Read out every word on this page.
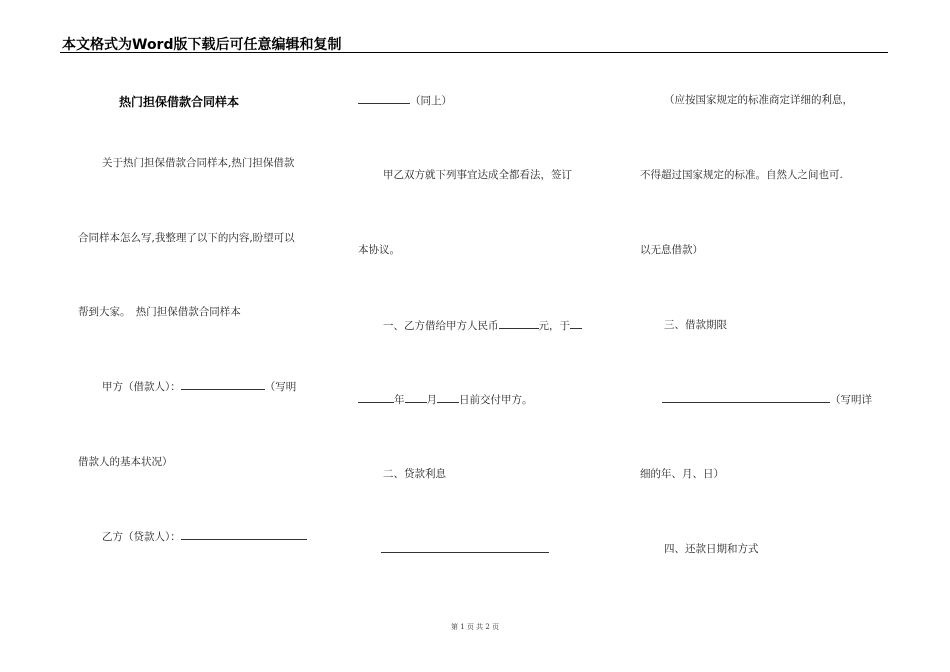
本文格式为Word版下载后可任意编辑和复制
热门担保借款合同样本
关于热门担保借款合同样本,热门担保借款
合同样本怎么写,我整理了以下的内容,盼望可以
帮到大家。　热门担保借款合同样本
甲方（借款人）：	（写明
借款人的基本状况）
乙方（贷款人）：
（同上）
甲乙双方就下列事宜达成全都看法，签订
本协议。
一、乙方借给甲方人民币	元，于
年 月 日前交付甲方。
二、贷款利息
（应按国家规定的标准商定详细的利息，
不得超过国家规定的标准。自然人之间也可.
以无息借款）
三、借款期限
（写明详
细的年、月、日）
四、还款日期和方式
第 1 页 共 2 页
